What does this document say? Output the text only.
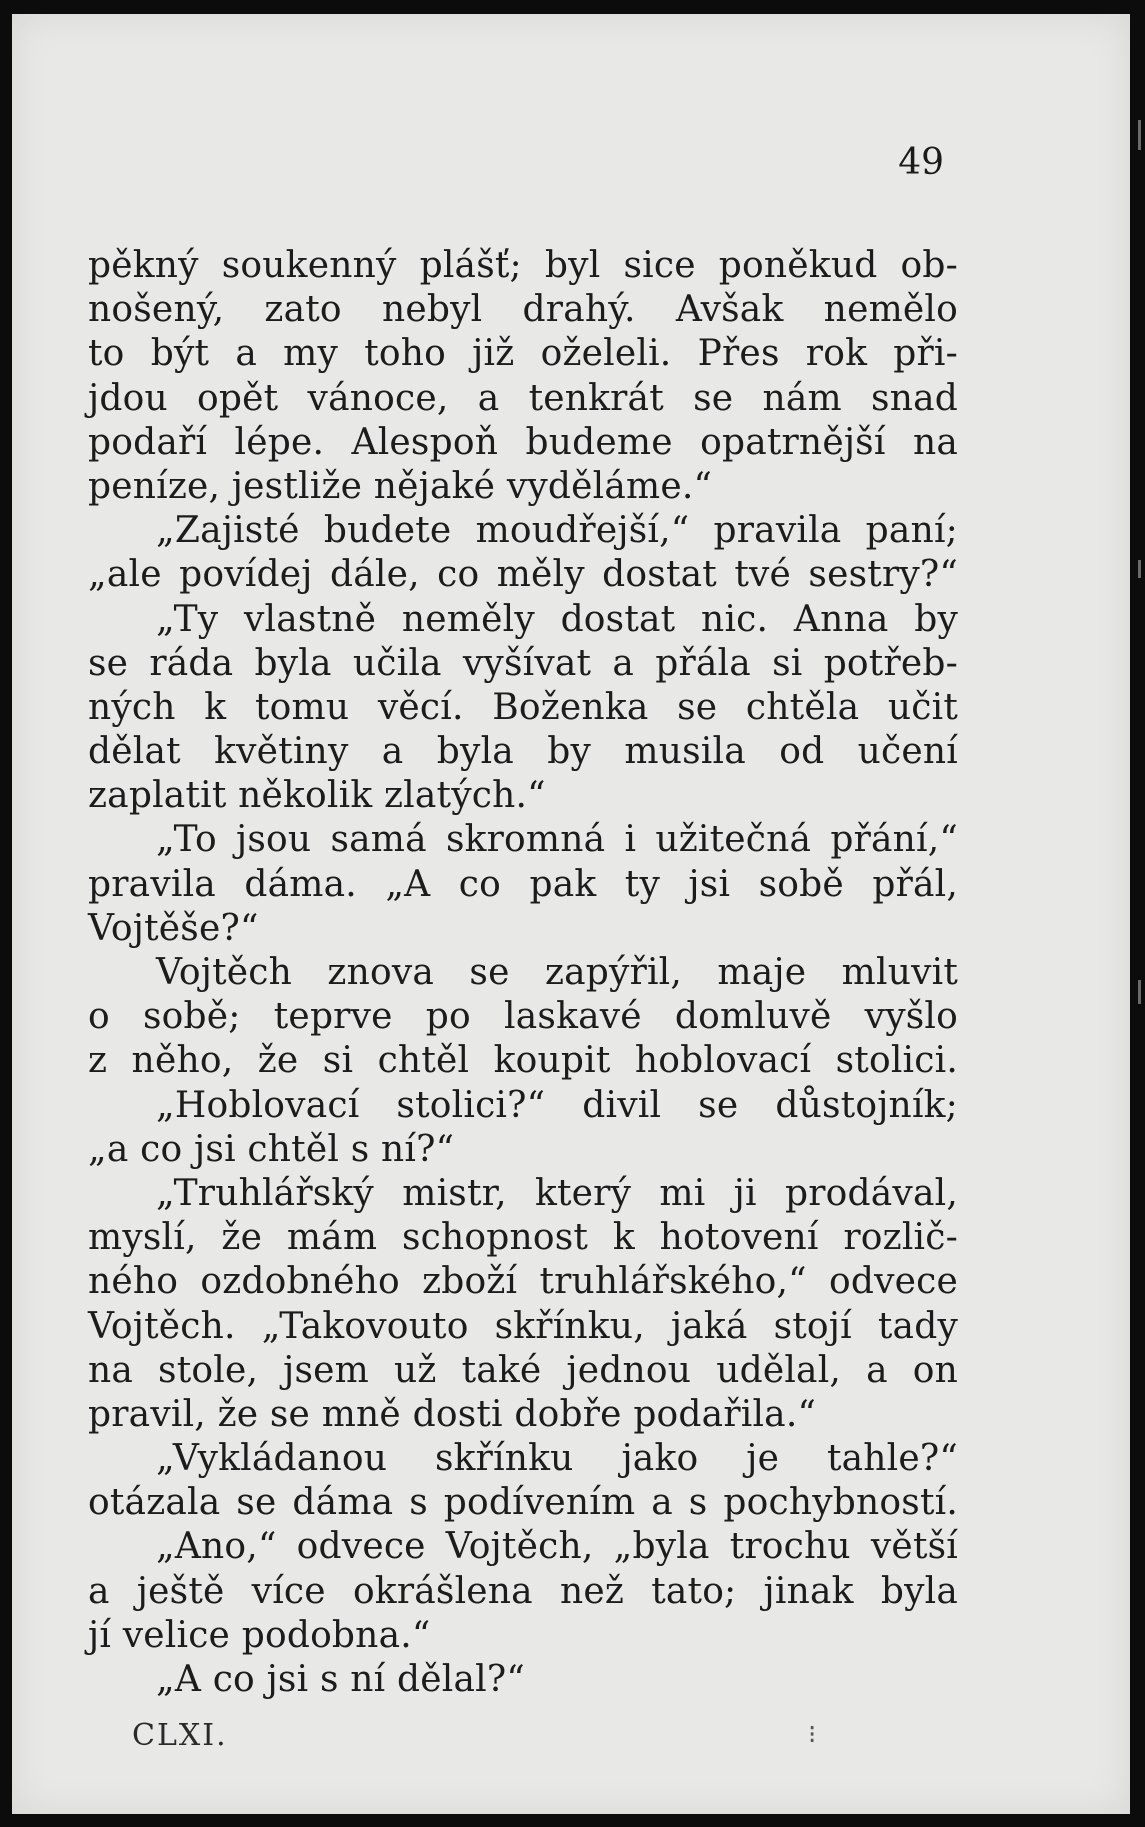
49
pěkný soukenný plášť; byl sice poněkud ob-
nošený, zato nebyl drahý. Avšak nemělo
to být a my toho již oželeli. Přes rok při-
jdou opět vánoce, a tenkrát se nám snad
podaří lépe. Alespoň budeme opatrnější na
peníze, jestliže nějaké vyděláme.“
„Zajisté budete moudřejší,“ pravila paní;
„ale povídej dále, co měly dostat tvé sestry?“
„Ty vlastně neměly dostat nic. Anna by
se ráda byla učila vyšívat a přála si potřeb-
ných k tomu věcí. Boženka se chtěla učit
dělat květiny a byla by musila od učení
zaplatit několik zlatých.“
„To jsou samá skromná i užitečná přání,“
pravila dáma. „A co pak ty jsi sobě přál,
Vojtěše?“
Vojtěch znova se zapýřil, maje mluvit
o sobě; teprve po laskavé domluvě vyšlo
z něho, že si chtěl koupit hoblovací stolici.
„Hoblovací stolici?“ divil se důstojník;
„a co jsi chtěl s ní?“
„Truhlářský mistr, který mi ji prodával,
myslí, že mám schopnost k hotovení rozlič-
ného ozdobného zboží truhlářského,“ odvece
Vojtěch. „Takovouto skřínku, jaká stojí tady
na stole, jsem už také jednou udělal, a on
pravil, že se mně dosti dobře podařila.“
„Vykládanou skřínku jako je tahle?“
otázala se dáma s podívením a s pochybností.
„Ano,“ odvece Vojtěch, „byla trochu větší
a ještě více okrášlena než tato; jinak byla
jí velice podobna.“
„A co jsi s ní dělal?“
CLXI.	⁝
